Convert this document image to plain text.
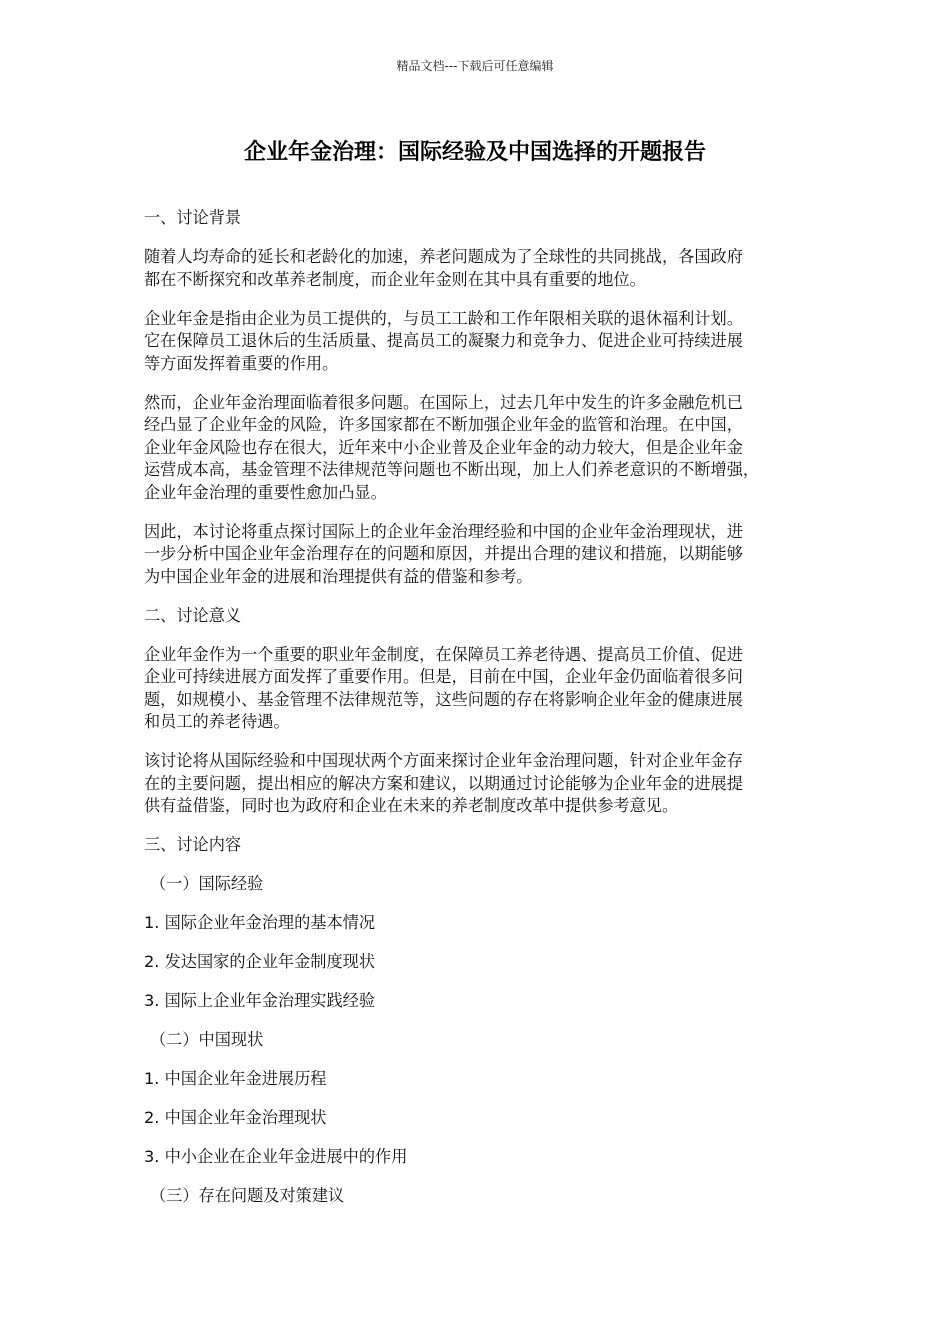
精品文档---下载后可任意编辑
企业年金治理：国际经验及中国选择的开题报告
一、讨论背景
随着人均寿命的延长和老龄化的加速，养老问题成为了全球性的共同挑战，各国政府
都在不断探究和改革养老制度，而企业年金则在其中具有重要的地位。
企业年金是指由企业为员工提供的，与员工工龄和工作年限相关联的退休福利计划。
它在保障员工退休后的生活质量、提高员工的凝聚力和竞争力、促进企业可持续进展
等方面发挥着重要的作用。
然而，企业年金治理面临着很多问题。在国际上，过去几年中发生的许多金融危机已
经凸显了企业年金的风险，许多国家都在不断加强企业年金的监管和治理。在中国，
企业年金风险也存在很大，近年来中小企业普及企业年金的动力较大，但是企业年金
运营成本高，基金管理不法律规范等问题也不断出现，加上人们养老意识的不断增强，
企业年金治理的重要性愈加凸显。
因此，本讨论将重点探讨国际上的企业年金治理经验和中国的企业年金治理现状，进
一步分析中国企业年金治理存在的问题和原因，并提出合理的建议和措施，以期能够
为中国企业年金的进展和治理提供有益的借鉴和参考。
二、讨论意义
企业年金作为一个重要的职业年金制度，在保障员工养老待遇、提高员工价值、促进
企业可持续进展方面发挥了重要作用。但是，目前在中国，企业年金仍面临着很多问
题，如规模小、基金管理不法律规范等，这些问题的存在将影响企业年金的健康进展
和员工的养老待遇。
该讨论将从国际经验和中国现状两个方面来探讨企业年金治理问题，针对企业年金存
在的主要问题，提出相应的解决方案和建议，以期通过讨论能够为企业年金的进展提
供有益借鉴，同时也为政府和企业在未来的养老制度改革中提供参考意见。
三、讨论内容
（一）国际经验
1. 国际企业年金治理的基本情况
2. 发达国家的企业年金制度现状
3. 国际上企业年金治理实践经验
（二）中国现状
1. 中国企业年金进展历程
2. 中国企业年金治理现状
3. 中小企业在企业年金进展中的作用
（三）存在问题及对策建议
